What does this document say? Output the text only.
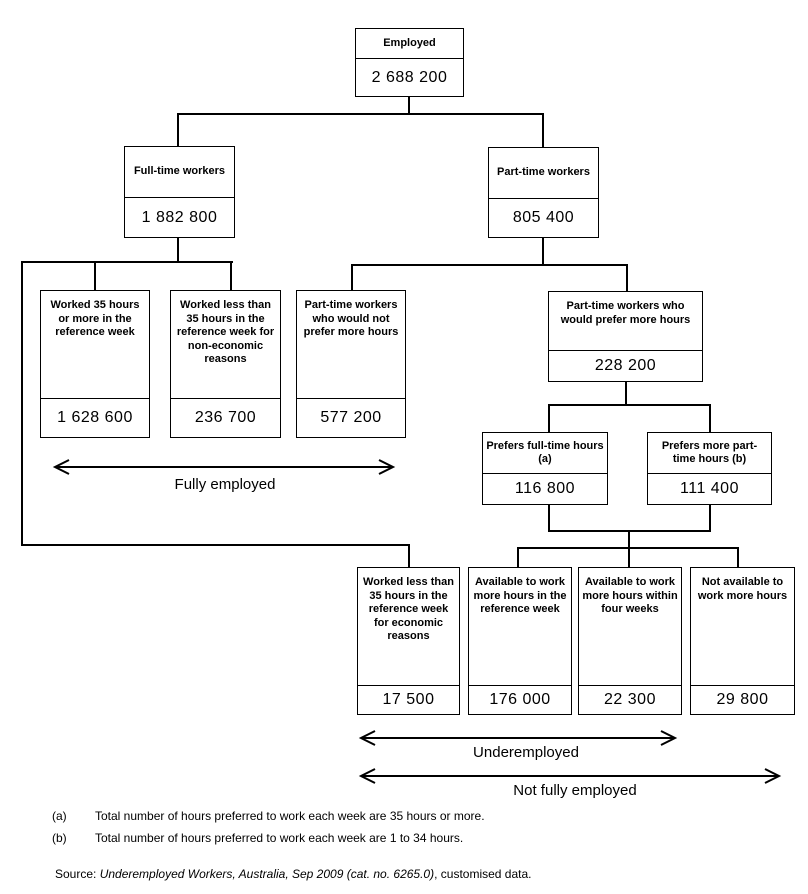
Employed
2 688 200
Full-time workers
1 882 800
Part-time workers
805 400
Worked 35 hours or more in the reference week
1 628 600
Worked less than 35 hours in the reference week for non-economic reasons
236 700
Part-time workers who would not prefer more hours
577 200
Part-time workers who would prefer more hours
228 200
Prefers full-time hours (a)
116 800
Prefers more part-time hours (b)
111 400
Worked less than 35 hours in the reference week for economic reasons
17 500
Available to work more hours in the reference week
176 000
Available to work more hours within four weeks
22 300
Not available to work more hours
29 800
Fully employed
Underemployed
Not fully employed
(a) Total number of hours preferred to work each week are 35 hours or more.
(b) Total number of hours preferred to work each week are 1 to 34 hours.
Source: Underemployed Workers, Australia, Sep 2009 (cat. no. 6265.0), customised data.
